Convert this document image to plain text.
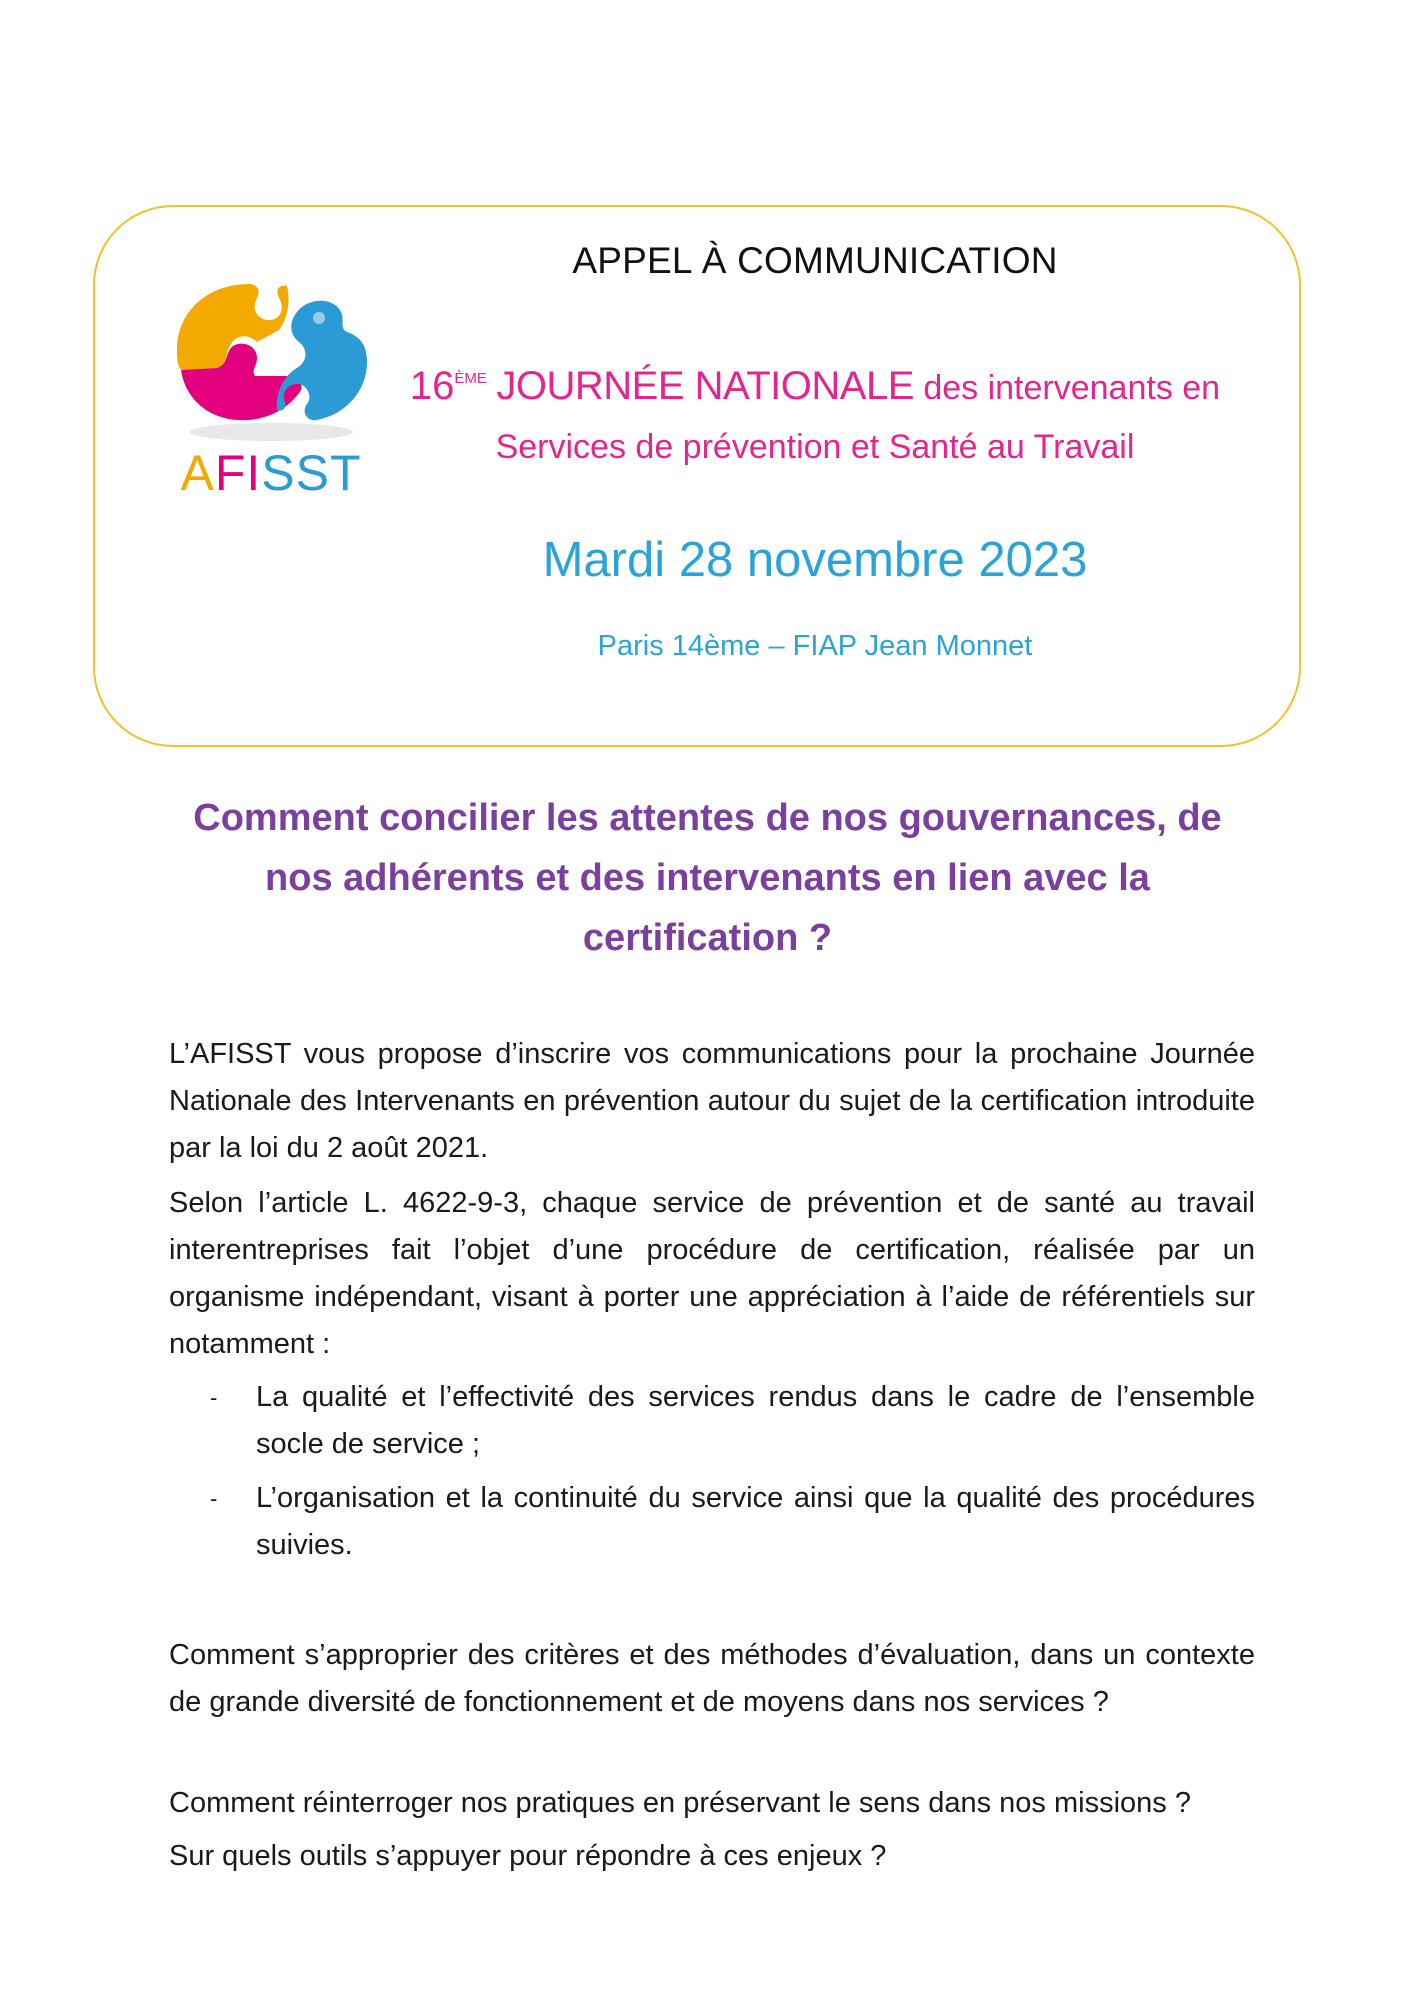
AFISST
APPEL À COMMUNICATION
16ÈME JOURNÉE NATIONALE des intervenants en
Services de prévention et Santé au Travail
Mardi 28 novembre 2023
Paris 14ème – FIAP Jean Monnet
Comment concilier les attentes de nos gouvernances, de
nos adhérents et des intervenants en lien avec la
certification ?

L’AFISST vous propose d’inscrire vos communications pour la prochaine Journée Nationale des Intervenants en prévention autour du sujet de la certification introduite par la loi du 2 août 2021.

Selon l’article L. 4622-9-3, chaque service de prévention et de santé au travail interentreprises fait l’objet d’une procédure de certification, réalisée par un organisme indépendant, visant à porter une appréciation à l’aide de référentiels sur notamment :

- La qualité et l’effectivité des services rendus dans le cadre de l’ensemble socle de service ;
- L’organisation et la continuité du service ainsi que la qualité des procédures suivies.

Comment s’approprier des critères et des méthodes d’évaluation, dans un contexte de grande diversité de fonctionnement et de moyens dans nos services ?

Comment réinterroger nos pratiques en préservant le sens dans nos missions ?

Sur quels outils s’appuyer pour répondre à ces enjeux ?
